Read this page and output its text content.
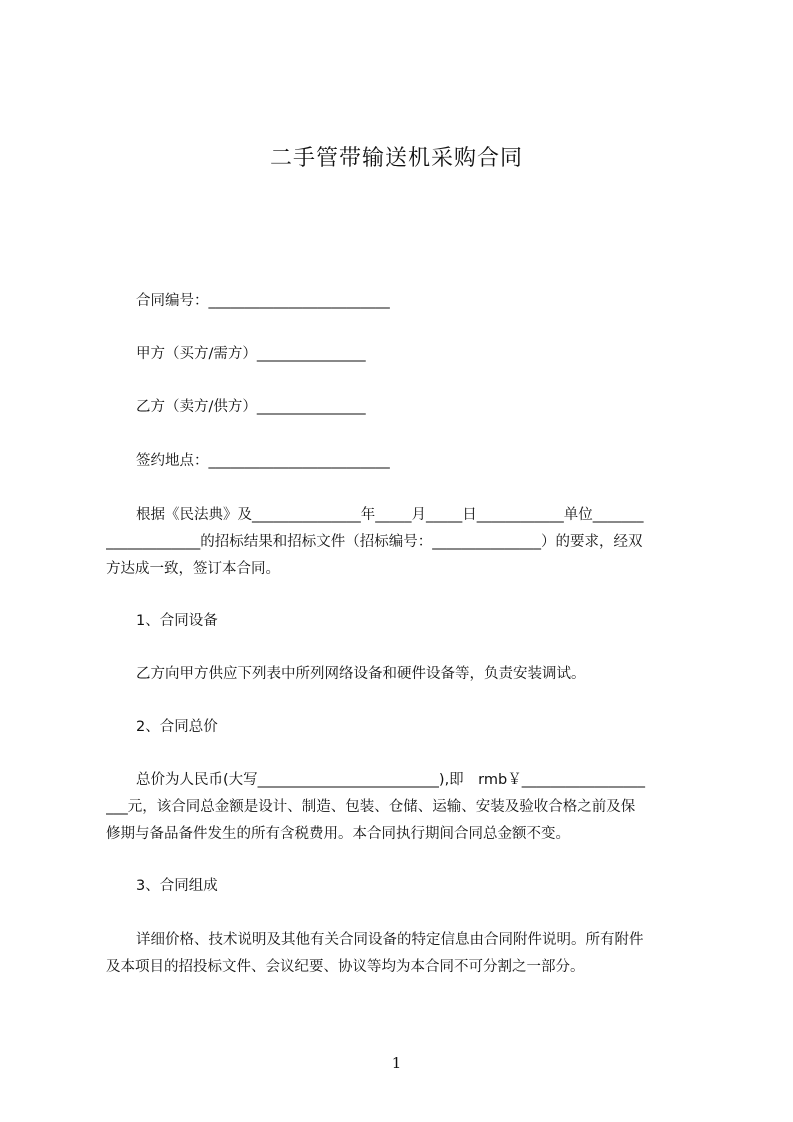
二手管带输送机采购合同
合同编号：_________________________
甲方（买方/需方）_______________
乙方（卖方/供方）_______________
签约地点：_________________________
根据《民法典》及_______________年_____月_____日____________单位_______
_____________的招标结果和招标文件（招标编号：_______________）的要求，经双
方达成一致，签订本合同。
1、合同设备
乙方向甲方供应下列表中所列网络设备和硬件设备等，负责安装调试。
2、合同总价
总价为人民币(大写_________________________),即　rmb￥_________________
___元，该合同总金额是设计、制造、包装、仓储、运输、安装及验收合格之前及保
修期与备品备件发生的所有含税费用。本合同执行期间合同总金额不变。
3、合同组成
详细价格、技术说明及其他有关合同设备的特定信息由合同附件说明。所有附件
及本项目的招投标文件、会议纪要、协议等均为本合同不可分割之一部分。
1
